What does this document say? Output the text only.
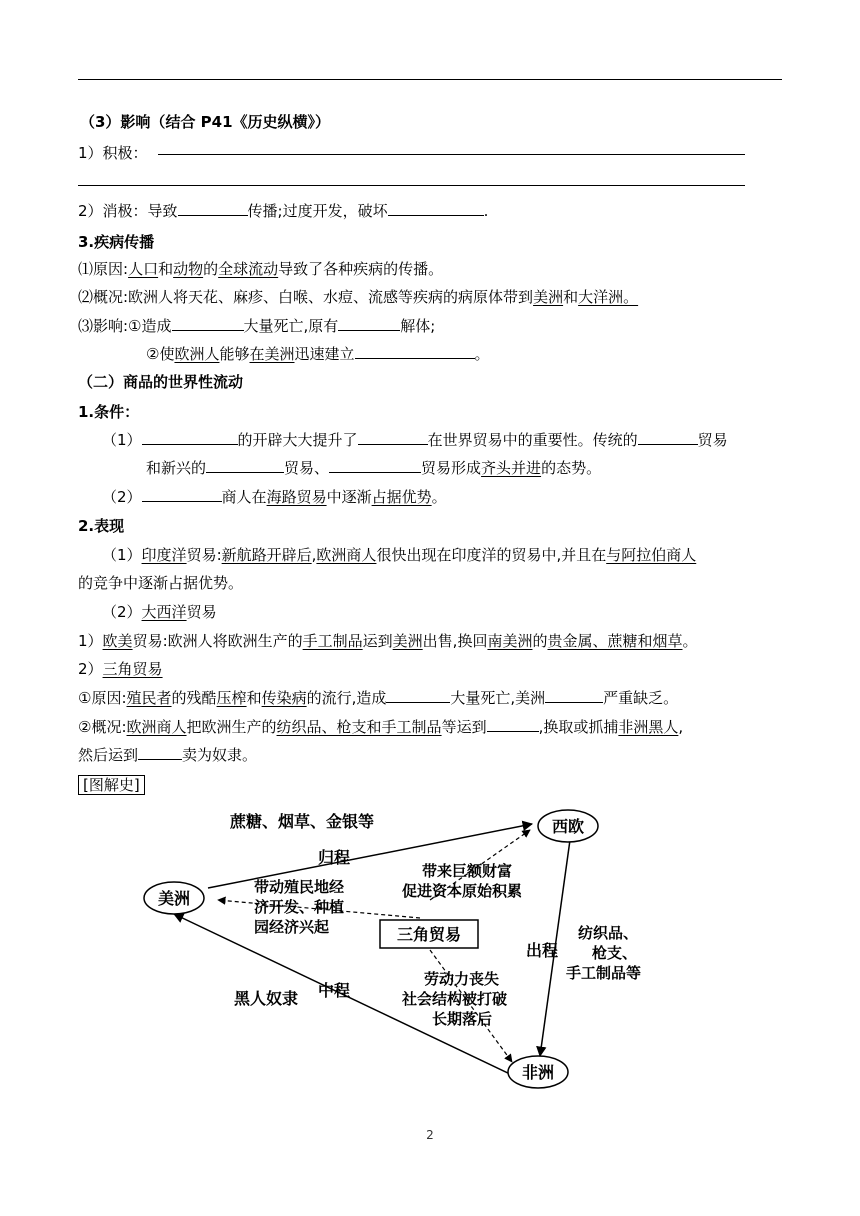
（3）影响（结合 P41《历史纵横》）
1）积极：
2）消极：导致	传播;过度开发，破坏	.
3.疾病传播
⑴原因:人口和动物的全球流动导致了各种疾病的传播。
⑵概况:欧洲人将天花、麻疹、白喉、水痘、流感等疾病的病原体带到美洲和大洋洲。
⑶影响:①造成	大量死亡,原有	解体;
②使欧洲人能够在美洲迅速建立	。
（二）商品的世界性流动
1.条件：
（1）	的开辟大大提升了	在世界贸易中的重要性。传统的	贸易
和新兴的	贸易、	贸易形成齐头并进的态势。
（2）	商人在海路贸易中逐渐占据优势。
2.表现
（1）印度洋贸易:新航路开辟后,欧洲商人很快出现在印度洋的贸易中,并且在与阿拉伯商人
的竞争中逐渐占据优势。
（2）大西洋贸易
1）欧美贸易:欧洲人将欧洲生产的手工制品运到美洲出售,换回南美洲的贵金属、蔗糖和烟草。
2）三角贸易
①原因:殖民者的残酷压榨和传染病的流行,造成	大量死亡,美洲	严重缺乏。
②概况:欧洲商人把欧洲生产的纺织品、枪支和手工制品等运到	,换取或抓捕非洲黑人,
然后运到	卖为奴隶。
[图解史]
西欧
美洲
非洲
三角贸易
蔗糖、烟草、金银等
归程
出程
中程
黑人奴隶
纺织品、
枪支、
手工制品等
带来巨额财富
促进资本原始积累
带动殖民地经
济开发、种植
园经济兴起
劳动力丧失
社会结构被打破
长期落后
2
